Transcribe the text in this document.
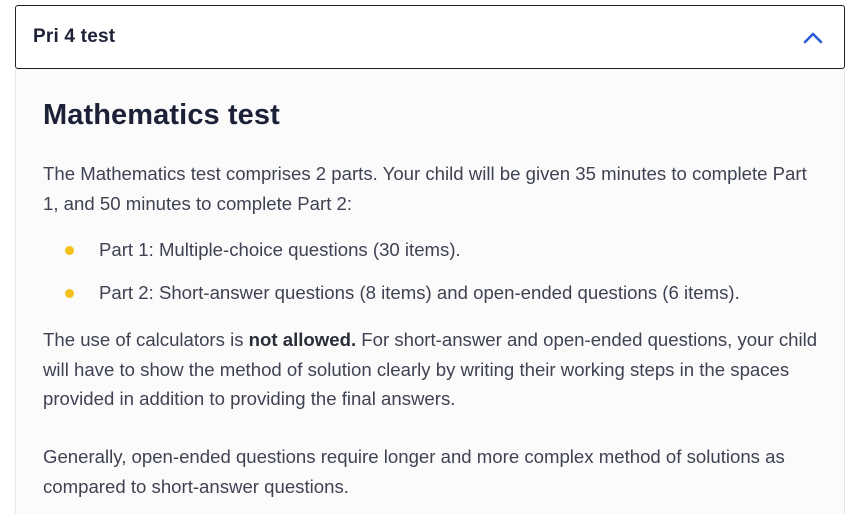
Pri 4 test
Mathematics test

The Mathematics test comprises 2 parts. Your child will be given 35 minutes to complete Part 1, and 50 minutes to complete Part 2:

Part 1: Multiple-choice questions (30 items).
Part 2: Short-answer questions (8 items) and open-ended questions (6 items).

The use of calculators is not allowed. For short-answer and open-ended questions, your child will have to show the method of solution clearly by writing their working steps in the spaces provided in addition to providing the final answers.

Generally, open-ended questions require longer and more complex method of solutions as compared to short-answer questions.
